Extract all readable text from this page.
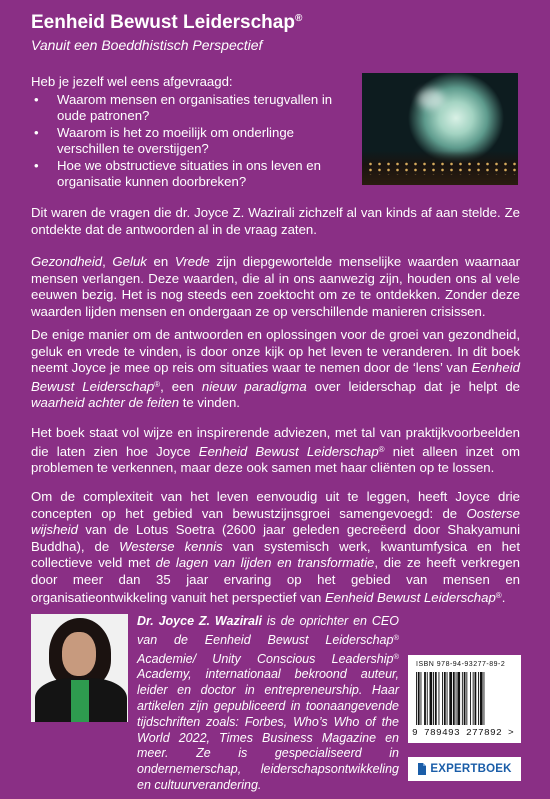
Eenheid Bewust Leiderschap®
Vanuit een Boeddhistisch Perspectief
Heb je jezelf wel eens afgevraagd:
• Waarom mensen en organisaties terugvallen in oude patronen?
• Waarom is het zo moeilijk om onderlinge verschillen te overstijgen?
• Hoe we obstructieve situaties in ons leven en organisatie kunnen doorbreken?

Dit waren de vragen die dr. Joyce Z. Wazirali zichzelf al van kinds af aan stelde. Ze ontdekte dat de antwoorden al in de vraag zaten.

Gezondheid, Geluk en Vrede zijn diepgewortelde menselijke waarden waarnaar mensen verlangen. Deze waarden, die al in ons aanwezig zijn, houden ons al vele eeuwen bezig. Het is nog steeds een zoektocht om ze te ontdekken. Zonder deze waarden lijden mensen en ondergaan ze op verschillende manieren crisissen.

De enige manier om de antwoorden en oplossingen voor de groei van gezondheid, geluk en vrede te vinden, is door onze kijk op het leven te veranderen. In dit boek neemt Joyce je mee op reis om situaties waar te nemen door de ‘lens’ van Eenheid Bewust Leiderschap®, een nieuw paradigma over leiderschap dat je helpt de waarheid achter de feiten te vinden.

Het boek staat vol wijze en inspirerende adviezen, met tal van praktijkvoorbeelden die laten zien hoe Joyce Eenheid Bewust Leiderschap® niet alleen inzet om problemen te verkennen, maar deze ook samen met haar cliënten op te lossen.

Om de complexiteit van het leven eenvoudig uit te leggen, heeft Joyce drie concepten op het gebied van bewustzijnsgroei samengevoegd: de Oosterse wijsheid van de Lotus Soetra (2600 jaar geleden gecreëerd door Shakyamuni Buddha), de Westerse kennis van systemisch werk, kwantumfysica en het collectieve veld met de lagen van lijden en transformatie, die ze heeft verkregen door meer dan 35 jaar ervaring op het gebied van mensen en organisatieontwikkeling vanuit het perspectief van Eenheid Bewust Leiderschap®.

Dr. Joyce Z. Wazirali is de oprichter en CEO van de Eenheid Bewust Leiderschap® Academie/ Unity Conscious Leadership® Academy, internationaal bekroond auteur, leider en doctor in entrepreneurship. Haar artikelen zijn gepubliceerd in toonaangevende tijdschriften zoals: Forbes, Who’s Who of the World 2022, Times Business Magazine en meer. Ze is gespecialiseerd in ondernemerschap, leiderschapsontwikkeling en cultuurverandering.

ISBN 978-94-93277-89-2
9 789493 277892 >
EXPERTBOEK
